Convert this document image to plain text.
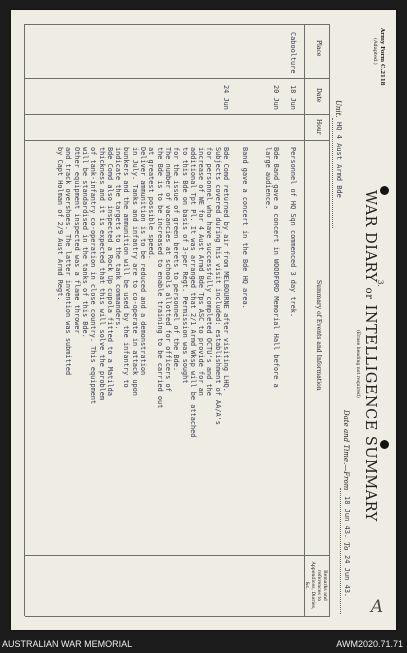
Army Form C.2118
(Adapted.)
3.
WAR DIARY or INTELLIGENCE SUMMARY
(Erase heading not required)
Date and Time.—From
18 Jun 43.
To
24 Jun 43.
Unit.
HQ 4 Aust Armd Bde
A
Place
Date
Hour
Summary of Events and Information
Remarks and references to Appendices, Diaries, &c.
Caboolture
18 Jun
Personnel of HQ Sqn commenced 3 day trek.
20 Jun
Bde Band gave a concert in WOODFORD Memorial Hall before a
large audience.
Band gave a concert in the Bde HQ area.
24 Jun
Bde Comd returned by air from MELBOURNE after visiting LHQ.
Subjects covered during his visit included: establishment of AA/A's
for personnel who have successfully completed OCTU's and the
increase of WE for 4 Aust Armd Bde Tps ASC to provide for an
additional Tpt Pl. It was arranged that 2/1 Armd Wksp will be attached
to this Bde on basis of 3-per Regt. Permission was sought
for the issue of green berets to personnel of the Bde.
The number of vacancies at schools allotted for officers of
the Bde is to be increased to enable training to be carried out
at greatest possible speed.
Deliver ammunition is to be reduced and a demonstration
in July. Tanks and infantry are to co-operate in attack upon
bunkers and the ammunition will be used by the infantry to
indicate the targets to the tank commanders.
Bde Comd also inspected a Rock Up cupola fitted to a Matilda
thickness and it is expected that this will solve the problem
of tank-infantry co-operation in close country. This equipment
will be standardised in the tanks of this Bde.
Other equipment inspected was a flame thrower
and track overshoes. The latter invention was submitted
by Capt Holman of 2/9 Aust Armd Regt.
AUSTRALIAN WAR MEMORIAL	AWM2020.71.71
